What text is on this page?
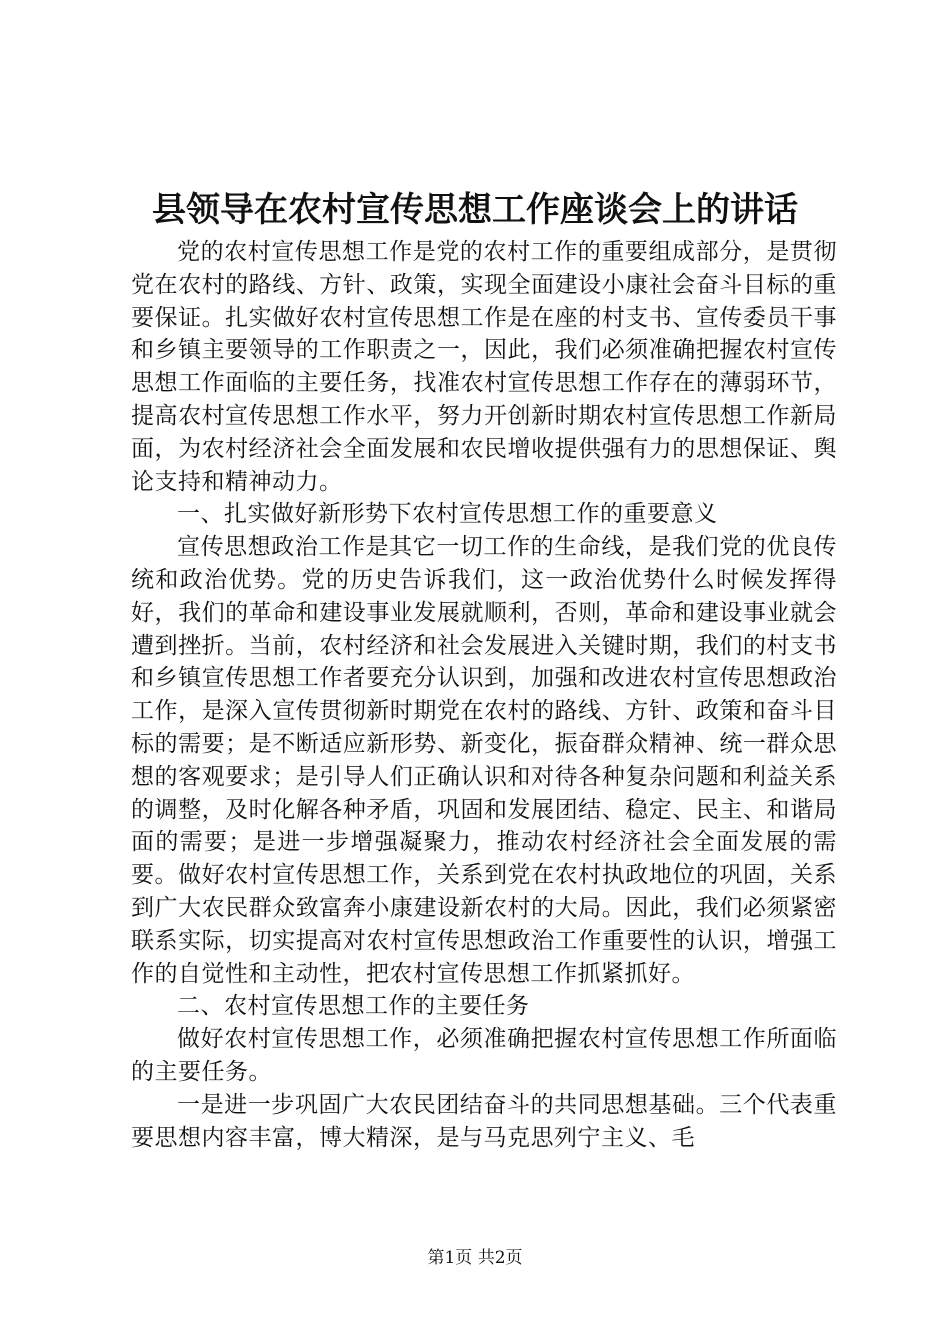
县领导在农村宣传思想工作座谈会上的讲话

党的农村宣传思想工作是党的农村工作的重要组成部分，是贯彻党在农村的路线、方针、政策，实现全面建设小康社会奋斗目标的重要保证。扎实做好农村宣传思想工作是在座的村支书、宣传委员干事和乡镇主要领导的工作职责之一，因此，我们必须准确把握农村宣传思想工作面临的主要任务，找准农村宣传思想工作存在的薄弱环节，提高农村宣传思想工作水平，努力开创新时期农村宣传思想工作新局面，为农村经济社会全面发展和农民增收提供强有力的思想保证、舆论支持和精神动力。

一、扎实做好新形势下农村宣传思想工作的重要意义

宣传思想政治工作是其它一切工作的生命线，是我们党的优良传统和政治优势。党的历史告诉我们，这一政治优势什么时候发挥得好，我们的革命和建设事业发展就顺利，否则，革命和建设事业就会遭到挫折。当前，农村经济和社会发展进入关键时期，我们的村支书和乡镇宣传思想工作者要充分认识到，加强和改进农村宣传思想政治工作，是深入宣传贯彻新时期党在农村的路线、方针、政策和奋斗目标的需要；是不断适应新形势、新变化，振奋群众精神、统一群众思想的客观要求；是引导人们正确认识和对待各种复杂问题和利益关系的调整，及时化解各种矛盾，巩固和发展团结、稳定、民主、和谐局面的需要；是进一步增强凝聚力，推动农村经济社会全面发展的需要。做好农村宣传思想工作，关系到党在农村执政地位的巩固，关系到广大农民群众致富奔小康建设新农村的大局。因此，我们必须紧密联系实际，切实提高对农村宣传思想政治工作重要性的认识，增强工作的自觉性和主动性，把农村宣传思想工作抓紧抓好。

二、农村宣传思想工作的主要任务

做好农村宣传思想工作，必须准确把握农村宣传思想工作所面临的主要任务。

一是进一步巩固广大农民团结奋斗的共同思想基础。三个代表重要思想内容丰富，博大精深，是与马克思列宁主义、毛

第1页 共2页
